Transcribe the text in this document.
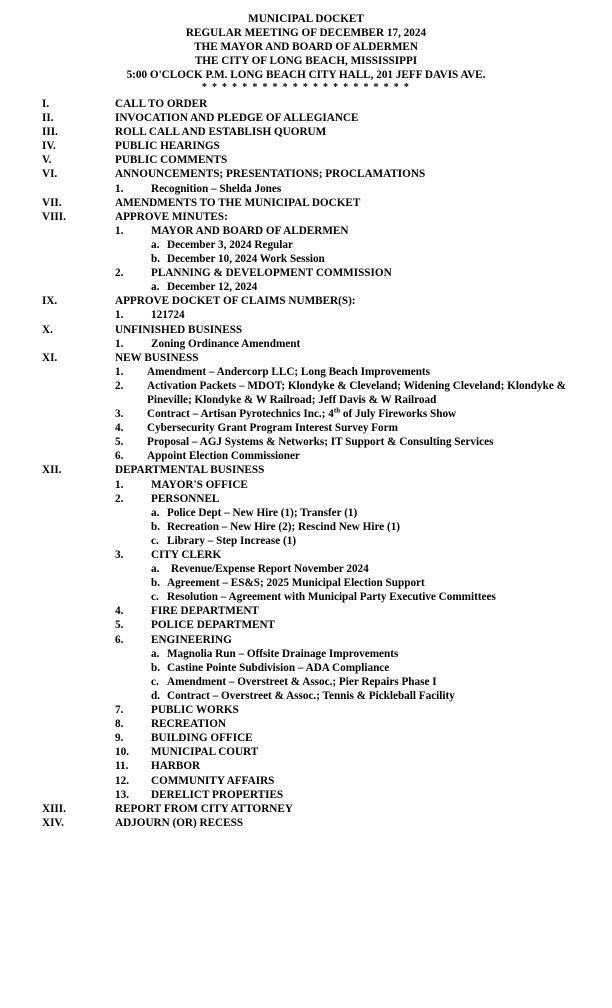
MUNICIPAL DOCKET
REGULAR MEETING OF DECEMBER 17, 2024
THE MAYOR AND BOARD OF ALDERMEN
THE CITY OF LONG BEACH, MISSISSIPPI
5:00 O'CLOCK P.M. LONG BEACH CITY HALL, 201 JEFF DAVIS AVE.
* * * * * * * * * * * * * * * * * * * * *
I.	CALL TO ORDER
II.	INVOCATION AND PLEDGE OF ALLEGIANCE
III.	ROLL CALL AND ESTABLISH QUORUM
IV.	PUBLIC HEARINGS
V.	PUBLIC COMMENTS
VI.	ANNOUNCEMENTS; PRESENTATIONS; PROCLAMATIONS
1. Recognition – Shelda Jones
VII.	AMENDMENTS TO THE MUNICIPAL DOCKET
VIII.	APPROVE MINUTES:
1. MAYOR AND BOARD OF ALDERMEN
a. December 3, 2024 Regular
b. December 10, 2024 Work Session
2. PLANNING & DEVELOPMENT COMMISSION
a. December 12, 2024
IX.	APPROVE DOCKET OF CLAIMS NUMBER(S):
1. 121724
X.	UNFINISHED BUSINESS
1. Zoning Ordinance Amendment
XI.	NEW BUSINESS
1. Amendment – Andercorp LLC; Long Beach Improvements
2. Activation Packets – MDOT; Klondyke & Cleveland; Widening Cleveland; Klondyke & Pineville; Klondyke & W Railroad; Jeff Davis & W Railroad
3. Contract – Artisan Pyrotechnics Inc.; 4th of July Fireworks Show
4. Cybersecurity Grant Program Interest Survey Form
5. Proposal – AGJ Systems & Networks; IT Support & Consulting Services
6. Appoint Election Commissioner
XII.	DEPARTMENTAL BUSINESS
1. MAYOR'S OFFICE
2. PERSONNEL
a. Police Dept – New Hire (1); Transfer (1)
b. Recreation – New Hire (2); Rescind New Hire (1)
c. Library – Step Increase (1)
3. CITY CLERK
a. Revenue/Expense Report November 2024
b. Agreement – ES&S; 2025 Municipal Election Support
c. Resolution – Agreement with Municipal Party Executive Committees
4. FIRE DEPARTMENT
5. POLICE DEPARTMENT
6. ENGINEERING
a. Magnolia Run – Offsite Drainage Improvements
b. Castine Pointe Subdivision – ADA Compliance
c. Amendment – Overstreet & Assoc.; Pier Repairs Phase I
d. Contract – Overstreet & Assoc.; Tennis & Pickleball Facility
7. PUBLIC WORKS
8. RECREATION
9. BUILDING OFFICE
10. MUNICIPAL COURT
11. HARBOR
12. COMMUNITY AFFAIRS
13. DERELICT PROPERTIES
XIII.	REPORT FROM CITY ATTORNEY
XIV.	ADJOURN (OR) RECESS
